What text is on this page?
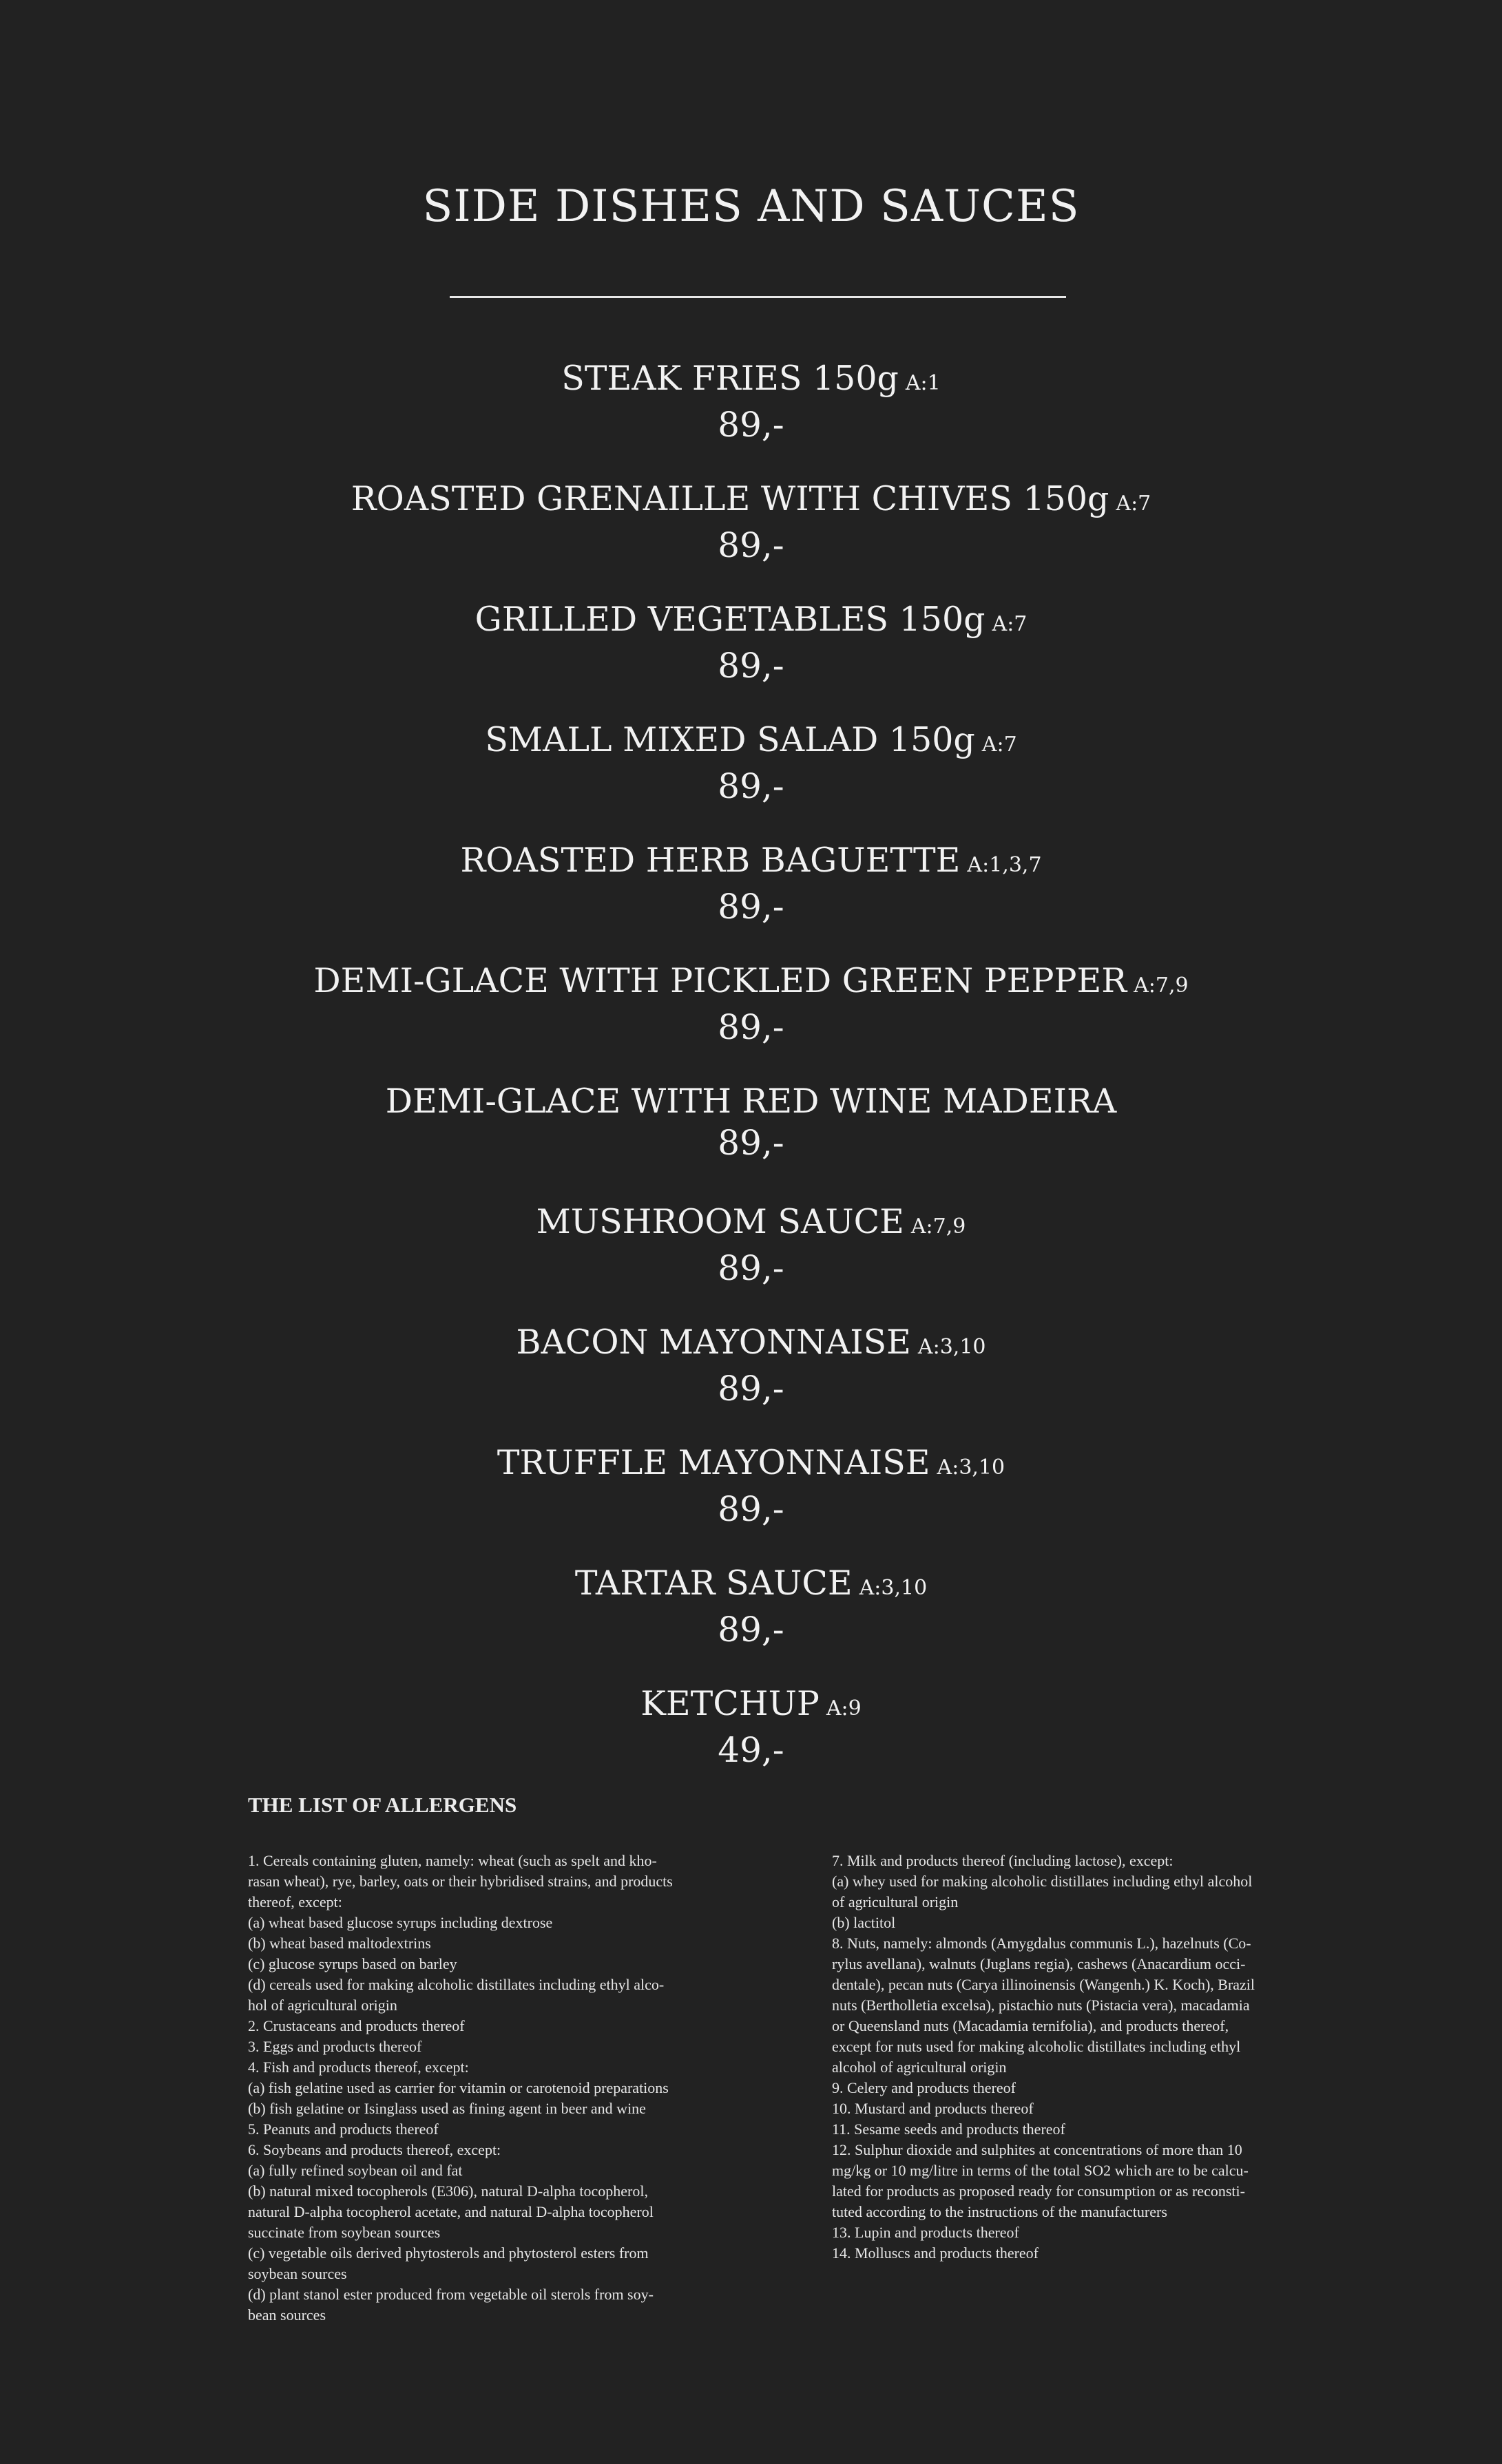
SIDE DISHES AND SAUCES
STEAK FRIES 150g A:1
89,-
ROASTED GRENAILLE WITH CHIVES 150g A:7
89,-
GRILLED VEGETABLES 150g A:7
89,-
SMALL MIXED SALAD 150g A:7
89,-
ROASTED HERB BAGUETTE A:1,3,7
89,-
DEMI-GLACE WITH PICKLED GREEN PEPPER A:7,9
89,-
DEMI-GLACE WITH RED WINE MADEIRA
89,-
MUSHROOM SAUCE A:7,9
89,-
BACON MAYONNAISE A:3,10
89,-
TRUFFLE MAYONNAISE A:3,10
89,-
TARTAR SAUCE A:3,10
89,-
KETCHUP A:9
49,-
THE LIST OF ALLERGENS
1. Cereals containing gluten, namely: wheat (such as spelt and kho-
rasan wheat), rye, barley, oats or their hybridised strains, and products
thereof, except:
(a) wheat based glucose syrups including dextrose
(b) wheat based maltodextrins
(c) glucose syrups based on barley
(d) cereals used for making alcoholic distillates including ethyl alco-
hol of agricultural origin
2. Crustaceans and products thereof
3. Eggs and products thereof
4. Fish and products thereof, except:
(a) fish gelatine used as carrier for vitamin or carotenoid preparations
(b) fish gelatine or Isinglass used as fining agent in beer and wine
5. Peanuts and products thereof
6. Soybeans and products thereof, except:
(a) fully refined soybean oil and fat
(b) natural mixed tocopherols (E306), natural D-alpha tocopherol,
natural D-alpha tocopherol acetate, and natural D-alpha tocopherol
succinate from soybean sources
(c) vegetable oils derived phytosterols and phytosterol esters from
soybean sources
(d) plant stanol ester produced from vegetable oil sterols from soy-
bean sources
7. Milk and products thereof (including lactose), except:
(a) whey used for making alcoholic distillates including ethyl alcohol
of agricultural origin
(b) lactitol
8. Nuts, namely: almonds (Amygdalus communis L.), hazelnuts (Co-
rylus avellana), walnuts (Juglans regia), cashews (Anacardium occi-
dentale), pecan nuts (Carya illinoinensis (Wangenh.) K. Koch), Brazil
nuts (Bertholletia excelsa), pistachio nuts (Pistacia vera), macadamia
or Queensland nuts (Macadamia ternifolia), and products thereof,
except for nuts used for making alcoholic distillates including ethyl
alcohol of agricultural origin
9. Celery and products thereof
10. Mustard and products thereof
11. Sesame seeds and products thereof
12. Sulphur dioxide and sulphites at concentrations of more than 10
mg/kg or 10 mg/litre in terms of the total SO2 which are to be calcu-
lated for products as proposed ready for consumption or as reconsti-
tuted according to the instructions of the manufacturers
13. Lupin and products thereof
14. Molluscs and products thereof
